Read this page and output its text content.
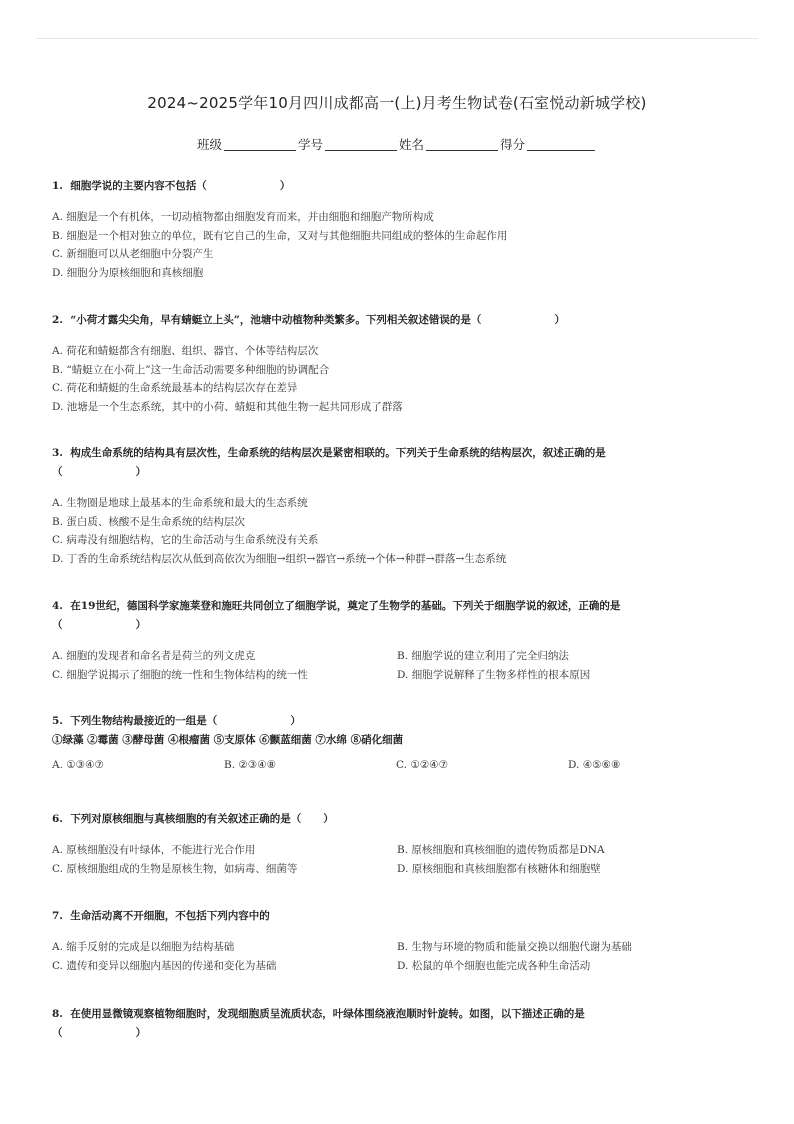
2024~2025学年10月四川成都高一(上)月考生物试卷(石室悦动新城学校)
班级	学号	姓名	得分
1.  细胞学说的主要内容不包括（                    ）
A. 细胞是一个有机体，一切动植物都由细胞发育而来，并由细胞和细胞产物所构成
B. 细胞是一个相对独立的单位，既有它自己的生命，又对与其他细胞共同组成的整体的生命起作用
C. 新细胞可以从老细胞中分裂产生
D. 细胞分为原核细胞和真核细胞
2.  “小荷才露尖尖角，早有蜻蜓立上头”，池塘中动植物种类繁多。下列相关叙述错误的是（                    ）
A. 荷花和蜻蜓都含有细胞、组织、器官、个体等结构层次
B. “蜻蜓立在小荷上”这一生命活动需要多种细胞的协调配合
C. 荷花和蜻蜓的生命系统最基本的结构层次存在差异
D. 池塘是一个生态系统，其中的小荷、蜻蜓和其他生物一起共同形成了群落
3.  构成生命系统的结构具有层次性，生命系统的结构层次是紧密相联的。下列关于生命系统的结构层次，叙述正确的是
（                    ）
A. 生物圈是地球上最基本的生命系统和最大的生态系统
B. 蛋白质、核酸不是生命系统的结构层次
C. 病毒没有细胞结构，它的生命活动与生命系统没有关系
D. 丁香的生命系统结构层次从低到高依次为细胞→组织→器官→系统→个体→种群→群落→生态系统
4.  在19世纪，德国科学家施莱登和施旺共同创立了细胞学说，奠定了生物学的基础。下列关于细胞学说的叙述，正确的是
（                    ）
A. 细胞的发现者和命名者是荷兰的列文虎克	B. 细胞学说的建立利用了完全归纳法
C. 细胞学说揭示了细胞的统一性和生物体结构的统一性	D. 细胞学说解释了生物多样性的根本原因
5.  下列生物结构最接近的一组是（                    ）
①绿藻 ②霉菌 ③酵母菌 ④根瘤菌 ⑤支原体 ⑥颤蓝细菌 ⑦水绵 ⑧硝化细菌
A. ①③④⑦	B. ②③④⑧	C. ①②④⑦	D. ④⑤⑥⑧
6.  下列对原核细胞与真核细胞的有关叙述正确的是（      ）
A. 原核细胞没有叶绿体，不能进行光合作用	B. 原核细胞和真核细胞的遗传物质都是DNA
C. 原核细胞组成的生物是原核生物，如病毒、细菌等	D. 原核细胞和真核细胞都有核糖体和细胞壁
7.  生命活动离不开细胞，不包括下列内容中的
A. 缩手反射的完成是以细胞为结构基础	B. 生物与环境的物质和能量交换以细胞代谢为基础
C. 遗传和变异以细胞内基因的传递和变化为基础	D. 松鼠的单个细胞也能完成各种生命活动
8.  在使用显微镜观察植物细胞时，发现细胞质呈流质状态，叶绿体围绕液泡顺时针旋转。如图，以下描述正确的是
（                    ）
